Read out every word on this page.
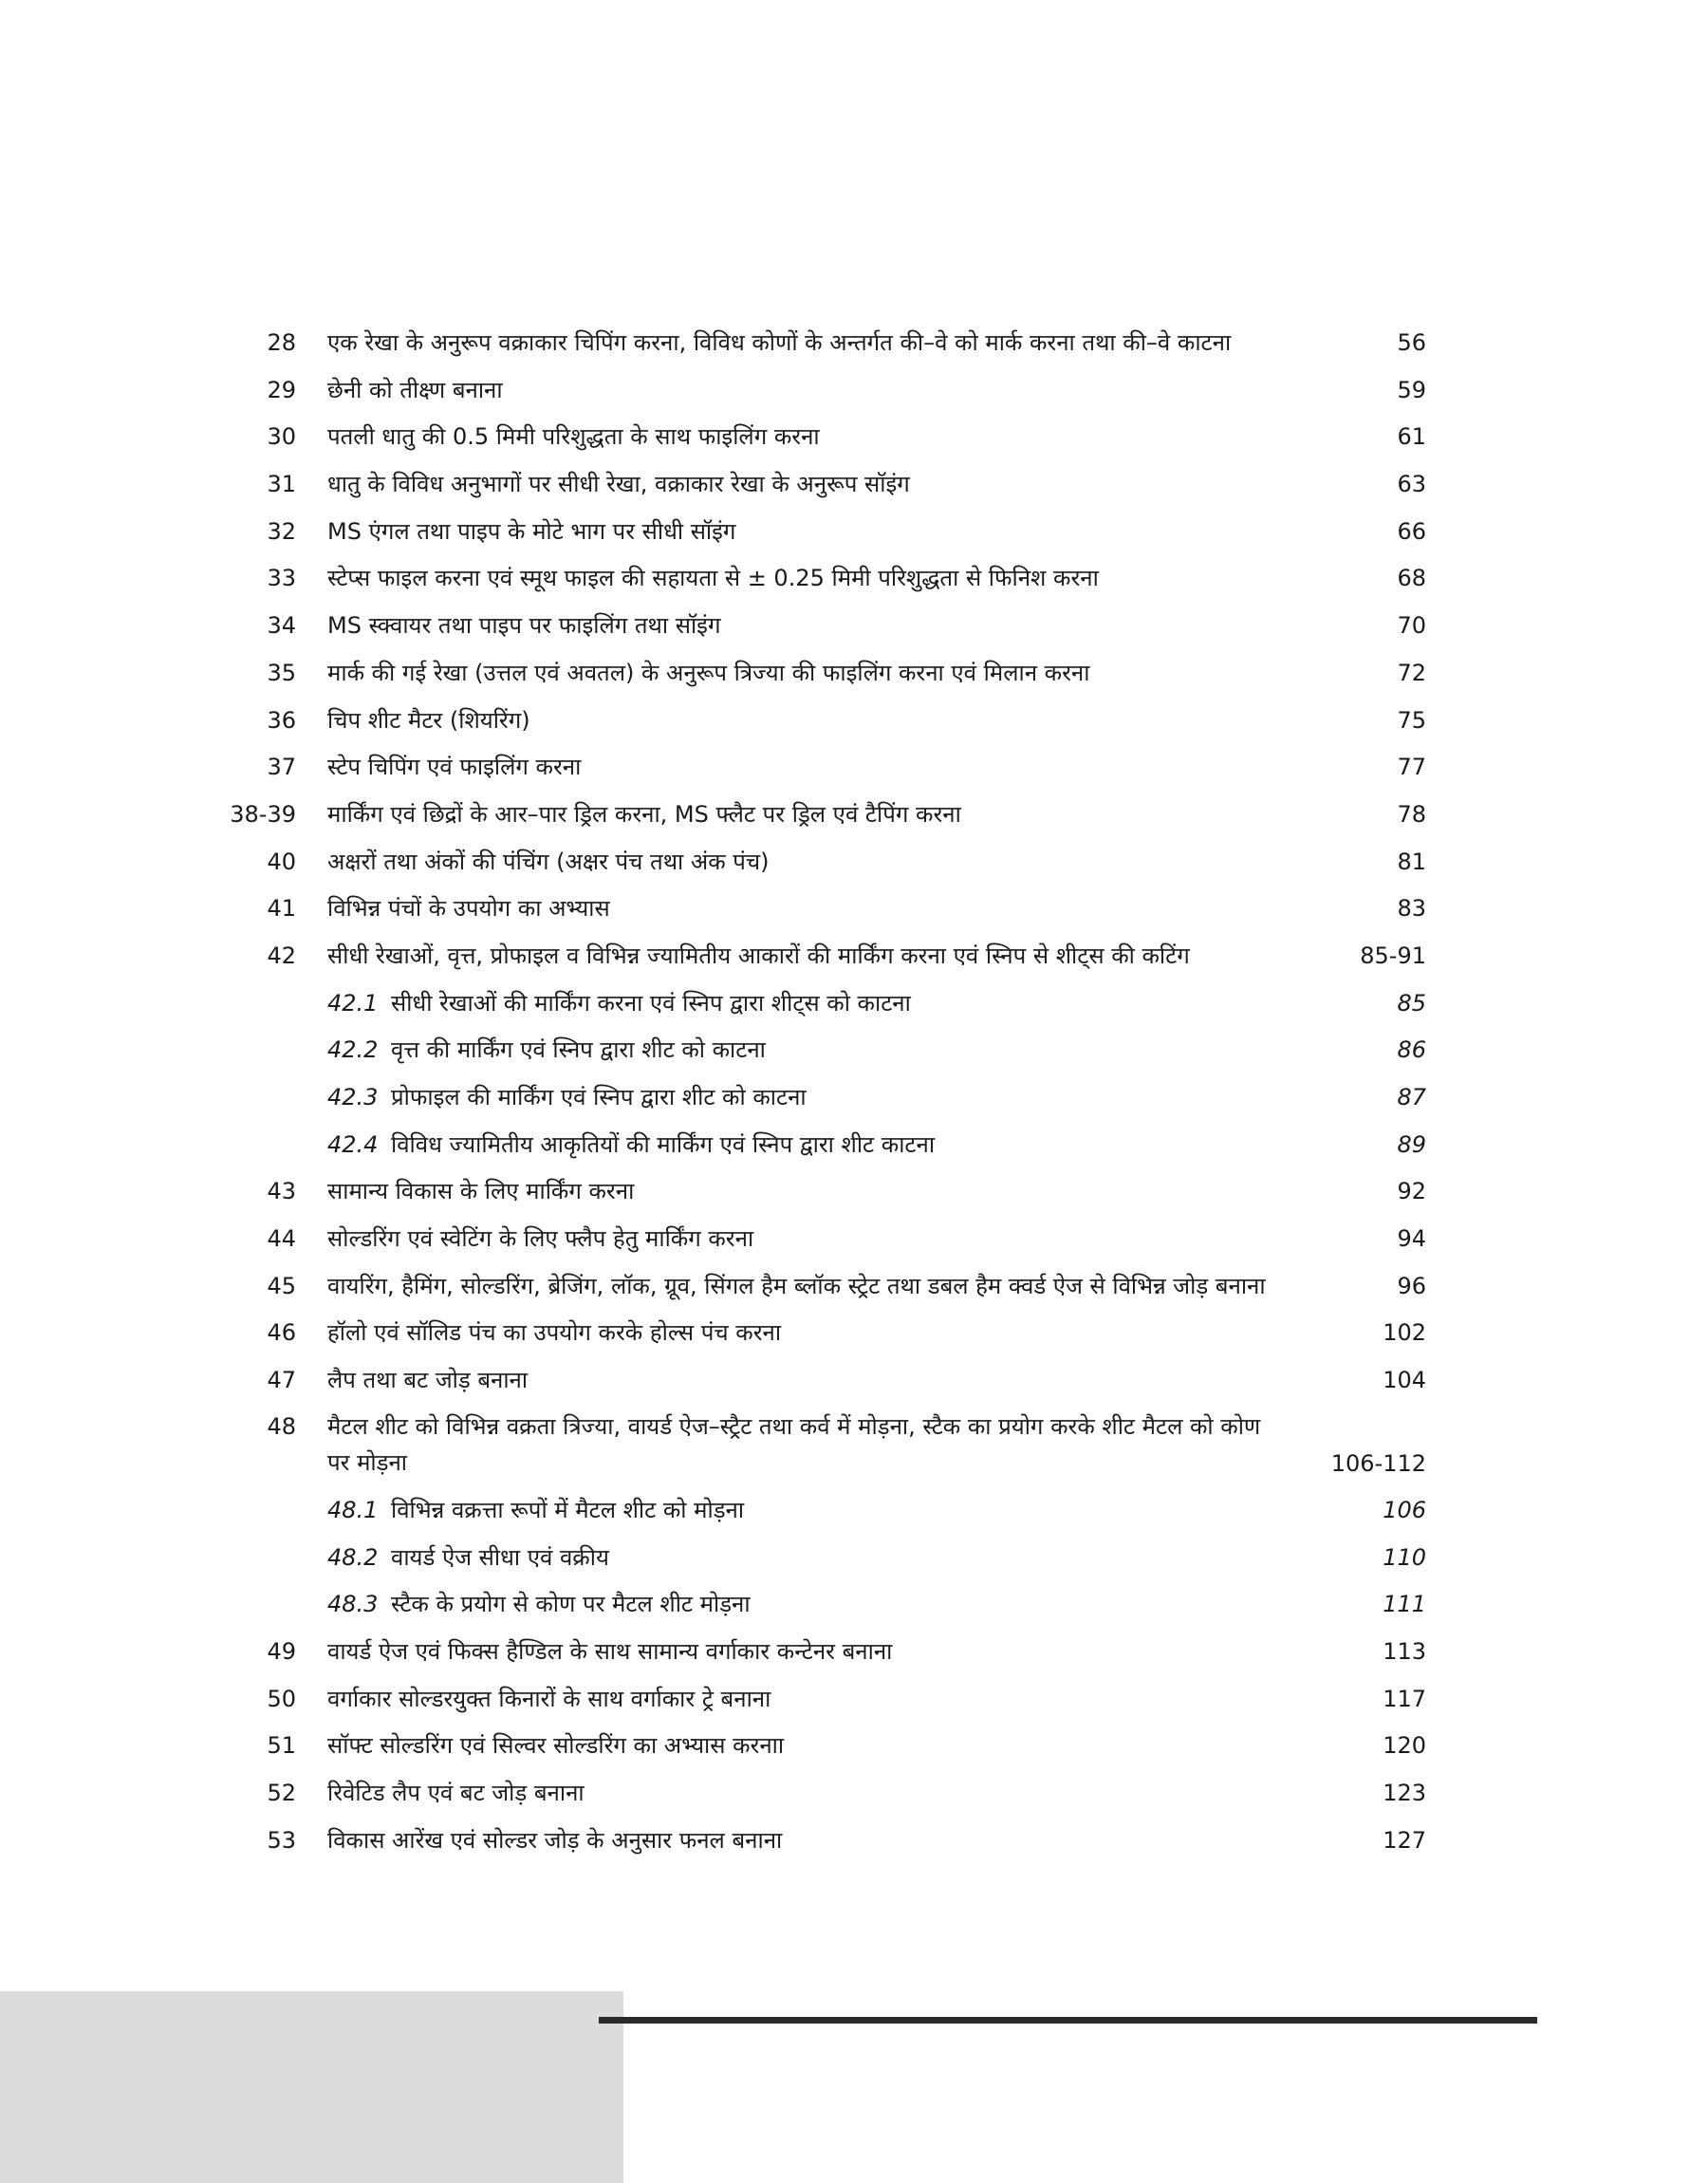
28 एक रेखा के अनुरूप वक्राकार चिपिंग करना, विविध कोणों के अन्तर्गत की–वे को मार्क करना तथा की–वे काटना	56
29 छेनी को तीक्ष्ण बनाना	59
30 पतली धातु की 0.5 मिमी परिशुद्धता के साथ फाइलिंग करना	61
31 धातु के विविध अनुभागों पर सीधी रेखा, वक्राकार रेखा के अनुरूप सॉइंग	63
32 MS एंगल तथा पाइप के मोटे भाग पर सीधी सॉइंग	66
33 स्टेप्स फाइल करना एवं स्मूथ फाइल की सहायता से ± 0.25 मिमी परिशुद्धता से फिनिश करना	68
34 MS स्क्वायर तथा पाइप पर फाइलिंग तथा सॉइंग	70
35 मार्क की गई रेखा (उत्तल एवं अवतल) के अनुरूप त्रिज्या की फाइलिंग करना एवं मिलान करना	72
36 चिप शीट मैटर (शियरिंग)	75
37 स्टेप चिपिंग एवं फाइलिंग करना	77
38-39 मार्किंग एवं छिद्रों के आर–पार ड्रिल करना, MS फ्लैट पर ड्रिल एवं टैपिंग करना	78
40 अक्षरों तथा अंकों की पंचिंग (अक्षर पंच तथा अंक पंच)	81
41 विभिन्न पंचों के उपयोग का अभ्यास	83
42 सीधी रेखाओं, वृत्त, प्रोफाइल व विभिन्न ज्यामितीय आकारों की मार्किंग करना एवं स्निप से शीट्स की कटिंग	85-91
42.1 सीधी रेखाओं की मार्किंग करना एवं स्निप द्वारा शीट्स को काटना	85
42.2 वृत्त की मार्किंग एवं स्निप द्वारा शीट को काटना	86
42.3 प्रोफाइल की मार्किंग एवं स्निप द्वारा शीट को काटना	87
42.4 विविध ज्यामितीय आकृतियों की मार्किंग एवं स्निप द्वारा शीट काटना	89
43 सामान्य विकास के लिए मार्किंग करना	92
44 सोल्डरिंग एवं स्वेटिंग के लिए फ्लैप हेतु मार्किंग करना	94
45 वायरिंग, हैमिंग, सोल्डरिंग, ब्रेजिंग, लॉक, ग्रूव, सिंगल हैम ब्लॉक स्ट्रेट तथा डबल हैम क्वर्ड ऐज से विभिन्न जोड़ बनाना	96
46 हॉलो एवं सॉलिड पंच का उपयोग करके होल्स पंच करना	102
47 लैप तथा बट जोड़ बनाना	104
48 मैटल शीट को विभिन्न वक्रता त्रिज्या, वायर्ड ऐज–स्ट्रैट तथा कर्व में मोड़ना, स्टैक का प्रयोग करके शीट मैटल को कोण पर मोड़ना	106-112
48.1 विभिन्न वक्रत्ता रूपों में मैटल शीट को मोड़ना	106
48.2 वायर्ड ऐज सीधा एवं वक्रीय	110
48.3 स्टैक के प्रयोग से कोण पर मैटल शीट मोड़ना	111
49 वायर्ड ऐज एवं फिक्स हैण्डिल के साथ सामान्य वर्गाकार कन्टेनर बनाना	113
50 वर्गाकार सोल्डरयुक्त किनारों के साथ वर्गाकार ट्रे बनाना	117
51 सॉफ्ट सोल्डरिंग एवं सिल्वर सोल्डरिंग का अभ्यास करनाा	120
52 रिवेटिड लैप एवं बट जोड़ बनाना	123
53 विकास आरेंख एवं सोल्डर जोड़ के अनुसार फनल बनाना	127
